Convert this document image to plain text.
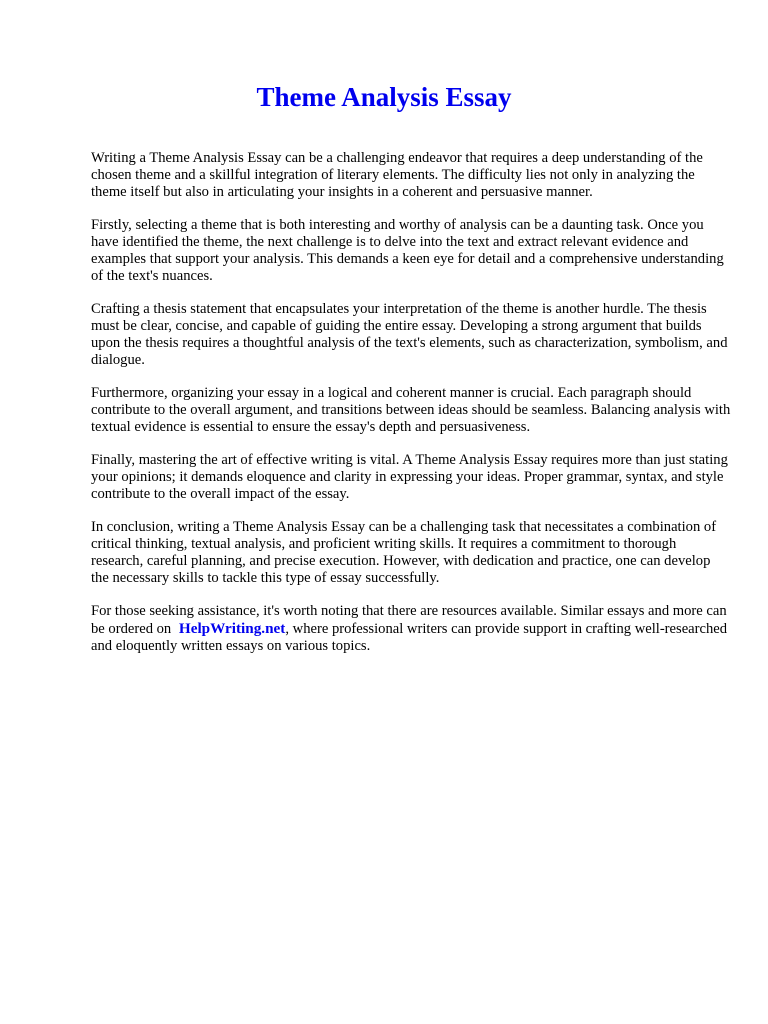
Theme Analysis Essay

Writing a Theme Analysis Essay can be a challenging endeavor that requires a deep understanding of the chosen theme and a skillful integration of literary elements. The difficulty lies not only in analyzing the theme itself but also in articulating your insights in a coherent and persuasive manner.

Firstly, selecting a theme that is both interesting and worthy of analysis can be a daunting task. Once you have identified the theme, the next challenge is to delve into the text and extract relevant evidence and examples that support your analysis. This demands a keen eye for detail and a comprehensive understanding of the text's nuances.

Crafting a thesis statement that encapsulates your interpretation of the theme is another hurdle. The thesis must be clear, concise, and capable of guiding the entire essay. Developing a strong argument that builds upon the thesis requires a thoughtful analysis of the text's elements, such as characterization, symbolism, and dialogue.

Furthermore, organizing your essay in a logical and coherent manner is crucial. Each paragraph should contribute to the overall argument, and transitions between ideas should be seamless. Balancing analysis with textual evidence is essential to ensure the essay's depth and persuasiveness.

Finally, mastering the art of effective writing is vital. A Theme Analysis Essay requires more than just stating your opinions; it demands eloquence and clarity in expressing your ideas. Proper grammar, syntax, and style contribute to the overall impact of the essay.

In conclusion, writing a Theme Analysis Essay can be a challenging task that necessitates a combination of critical thinking, textual analysis, and proficient writing skills. It requires a commitment to thorough research, careful planning, and precise execution. However, with dedication and practice, one can develop the necessary skills to tackle this type of essay successfully.

For those seeking assistance, it's worth noting that there are resources available. Similar essays and more can be ordered on HelpWriting.net, where professional writers can provide support in crafting well-researched and eloquently written essays on various topics.
